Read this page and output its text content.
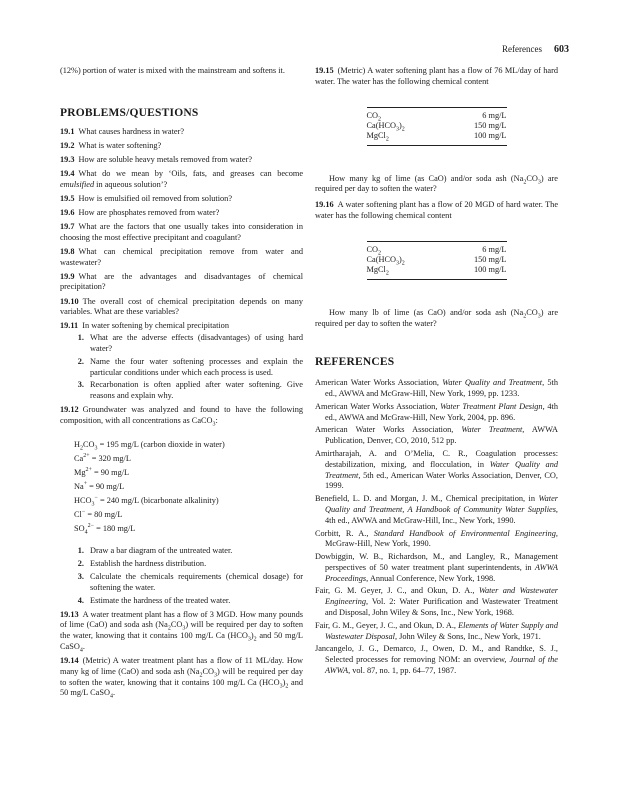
References 603

(12%) portion of water is mixed with the mainstream and softens it.

PROBLEMS/QUESTIONS

19.1 What causes hardness in water?

19.2 What is water softening?

19.3 How are soluble heavy metals removed from water?

19.4 What do we mean by ‘Oils, fats, and greases can become emulsified in aqueous solution’?

19.5 How is emulsified oil removed from solution?

19.6 How are phosphates removed from water?

19.7 What are the factors that one usually takes into consideration in choosing the most effective precipitant and coagulant?

19.8 What can chemical precipitation remove from water and wastewater?

19.9 What are the advantages and disadvantages of chemical precipitation?

19.10 The overall cost of chemical precipitation depends on many variables. What are these variables?

19.11 In water softening by chemical precipitation

1. What are the adverse effects (disadvantages) of using hard water?
2. Name the four water softening processes and explain the particular conditions under which each process is used.
3. Recarbonation is often applied after water softening. Give reasons and explain why.

19.12 Groundwater was analyzed and found to have the following composition, with all concentrations as CaCO$_3$:

$H_2CO_3 = 195$ mg/L (carbon dioxide in water)
$Ca^{2+} = 320$ mg/L
$Mg^{2+} = 90$ mg/L
Na+ = 90 mg/L
$HCO_3^- = 240$ mg/L (bicarbonate alkalinity)
Cl− = 80 mg/L
$SO_4^{2-} = 180$ mg/L
1. Draw a bar diagram of the untreated water.
2. Establish the hardness distribution.
3. Calculate the chemicals requirements (chemical dosage) for softening the water.
4. Estimate the hardness of the treated water.

19.13 A water treatment plant has a flow of 3 MGD. How many pounds of lime (CaO) and soda ash $(Na_2CO_3)$ will be required per day to soften the water, knowing that it contains 100 mg/L Ca $(HCO_3)_2$ and 50 mg/L CaSO$_4$.

19.14 (Metric) A water treatment plant has a flow of 11 ML/day. How many kg of lime (CaO) and soda ash $(Na_2CO_3)$ will be required per day to soften the water, knowing that it contains 100 mg/L Ca $(HCO_3)_2$ and 50 mg/L CaSO$_4$.

19.15 (Metric) A water softening plant has a flow of 76 ML/day of hard water. The water has the following chemical content

$CO_2$	6 mg/L
$Ca(HCO_3)_2$	150 mg/L
MgCl$_2$	100 mg/L

How many kg of lime (as CaO) and/or soda ash $(Na_2CO_3)$ are required per day to soften the water?

19.16 A water softening plant has a flow of 20 MGD of hard water. The water has the following chemical content

$CO_2$	6 mg/L
$Ca(HCO_3)_2$	150 mg/L
MgCl$_2$	100 mg/L

How many lb of lime (as CaO) and/or soda ash $(Na_2CO_3)$ are required per day to soften the water?

REFERENCES

American Water Works Association, Water Quality and Treatment, 5th ed., AWWA and McGraw-Hill, New York, 1999, pp. 1233.

American Water Works Association, Water Treatment Plant Design, 4th ed., AWWA and McGraw-Hill, New York, 2004, pp. 896.

American Water Works Association, Water Treatment, AWWA Publication, Denver, CO, 2010, 512 pp.

Amirtharajah, A. and O’Melia, C. R., Coagulation processes: destabilization, mixing, and flocculation, in Water Quality and Treatment, 5th ed., American Water Works Association, Denver, CO, 1999.

Benefield, L. D. and Morgan, J. M., Chemical precipitation, in Water Quality and Treatment, A Handbook of Community Water Supplies, 4th ed., AWWA and McGraw-Hill, Inc., New York, 1990.

Corbitt, R. A., Standard Handbook of Environmental Engineering, McGraw-Hill, New York, 1990.

Dowbiggin, W. B., Richardson, M., and Langley, R., Management perspectives of 50 water treatment plant superintendents, in AWWA Proceedings, Annual Conference, New York, 1998.

Fair, G. M. Geyer, J. C., and Okun, D. A., Water and Wastewater Engineering, Vol. 2: Water Purification and Wastewater Treatment and Disposal, John Wiley & Sons, Inc., New York, 1968.

Fair, G. M., Geyer, J. C., and Okun, D. A., Elements of Water Supply and Wastewater Disposal, John Wiley & Sons, Inc., New York, 1971.

Jancangelo, J. G., Demarco, J., Owen, D. M., and Randtke, S. J., Selected processes for removing NOM: an overview, Journal of the AWWA, vol. 87, no. 1, pp. 64–77, 1987.
